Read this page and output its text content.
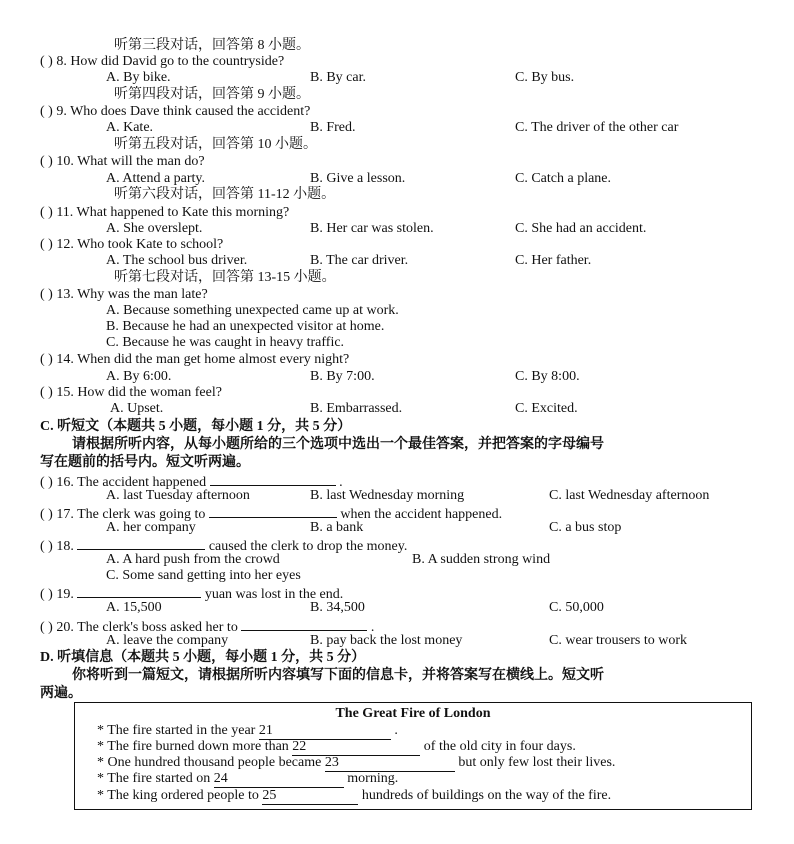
听第三段对话，回答第 8 小题。
( ) 8. How did David go to the countryside?
A. By bike.	B. By car.	C. By bus.
听第四段对话，回答第 9 小题。
( ) 9. Who does Dave think caused the accident?
A. Kate.	B. Fred.	C. The driver of the other car
听第五段对话，回答第 10 小题。
( ) 10. What will the man do?
A. Attend a party.	B. Give a lesson.	C. Catch a plane.
听第六段对话，回答第 11-12 小题。
( ) 11. What happened to Kate this morning?
A. She overslept.	B. Her car was stolen.	C. She had an accident.
( ) 12. Who took Kate to school?
A. The school bus driver.	B. The car driver.	C. Her father.
听第七段对话，回答第 13-15 小题。
( ) 13. Why was the man late?
A. Because something unexpected came up at work.
B. Because he had an unexpected visitor at home.
C. Because he was caught in heavy traffic.
( ) 14. When did the man get home almost every night?
A. By 6:00.	B. By 7:00.	C. By 8:00.
( ) 15. How did the woman feel?
A. Upset.	B. Embarrassed.	C. Excited.
C. 听短文（本题共 5 小题，每小题 1 分，共 5 分）
请根据所听内容，从每小题所给的三个选项中选出一个最佳答案，并把答案的字母编号
写在题前的括号内。短文听两遍。
( ) 16. The accident happened	.
A. last Tuesday afternoon	B. last Wednesday morning	C. last Wednesday afternoon
( ) 17. The clerk was going to	when the accident happened.
A. her company	B. a bank	C. a bus stop
( ) 18.	caused the clerk to drop the money.
A. A hard push from the crowd	B. A sudden strong wind
C. Some sand getting into her eyes
( ) 19.	yuan was lost in the end.
A. 15,500	B. 34,500	C. 50,000
( ) 20. The clerk's boss asked her to	.
A. leave the company	B. pay back the lost money	C. wear trousers to work
D. 听填信息（本题共 5 小题，每小题 1 分，共 5 分）
你将听到一篇短文，请根据所听内容填写下面的信息卡，并将答案写在横线上。短文听
两遍。
The Great Fire of London
* The fire started in the year 21	.
* The fire burned down more than 22	of the old city in four days.
* One hundred thousand people became 23	but only few lost their lives.
* The fire started on 24	morning.
* The king ordered people to 25	hundreds of buildings on the way of the fire.
